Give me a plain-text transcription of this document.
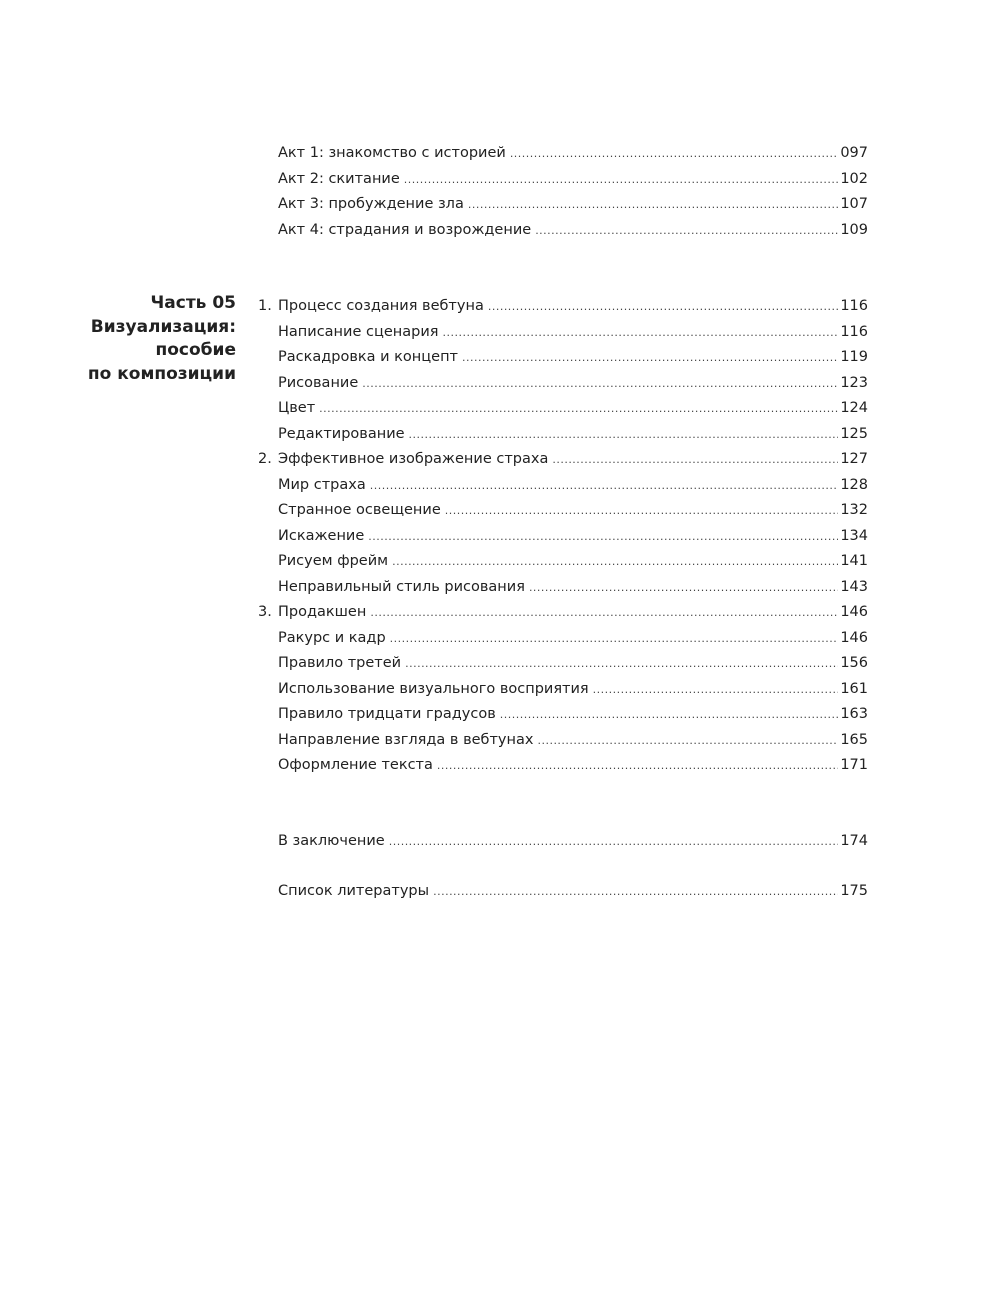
Акт 1: знакомство с историей .....	097
Акт 2: скитание .....	102
Акт 3: пробуждение зла .....	107
Акт 4: страдания и возрождение .....	109
Часть 05
Визуализация:
пособие
по композиции
1. Процесс создания вебтуна .....	116
Написание сценария .....	116
Раскадровка и концепт .....	119
Рисование .....	123
Цвет .....	124
Редактирование .....	125
2. Эффективное изображение страха .....	127
Мир страха .....	128
Странное освещение .....	132
Искажение .....	134
Рисуем фрейм .....	141
Неправильный стиль рисования .....	143
3. Продакшен .....	146
Ракурс и кадр .....	146
Правило третей .....	156
Использование визуального восприятия .....	161
Правило тридцати градусов .....	163
Направление взгляда в вебтунах .....	165
Оформление текста .....	171
В заключение .....	174
Список литературы .....	175
